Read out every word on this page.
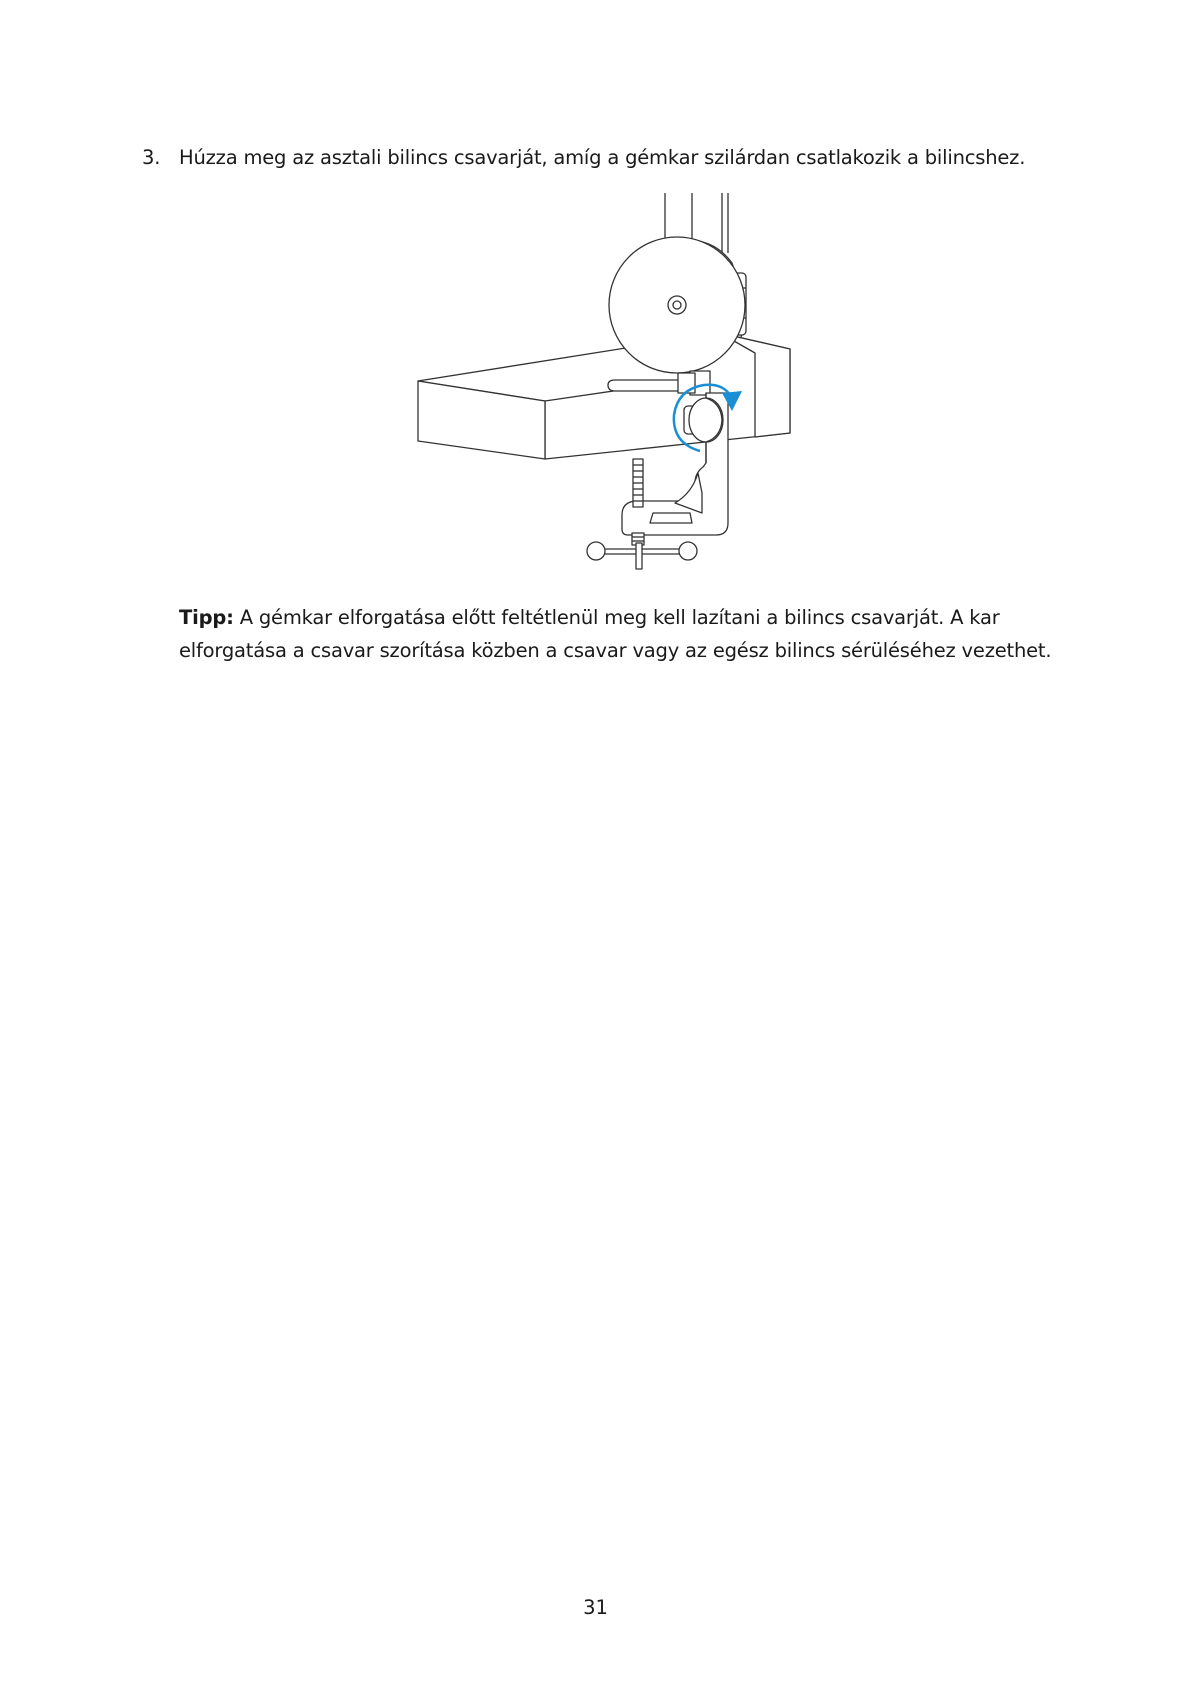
3. Húzza meg az asztali bilincs csavarját, amíg a gémkar szilárdan csatlakozik a bilincshez.
Tipp: A gémkar elforgatása előtt feltétlenül meg kell lazítani a bilincs csavarját. A kar elforgatása a csavar szorítása közben a csavar vagy az egész bilincs sérüléséhez vezethet.
31
